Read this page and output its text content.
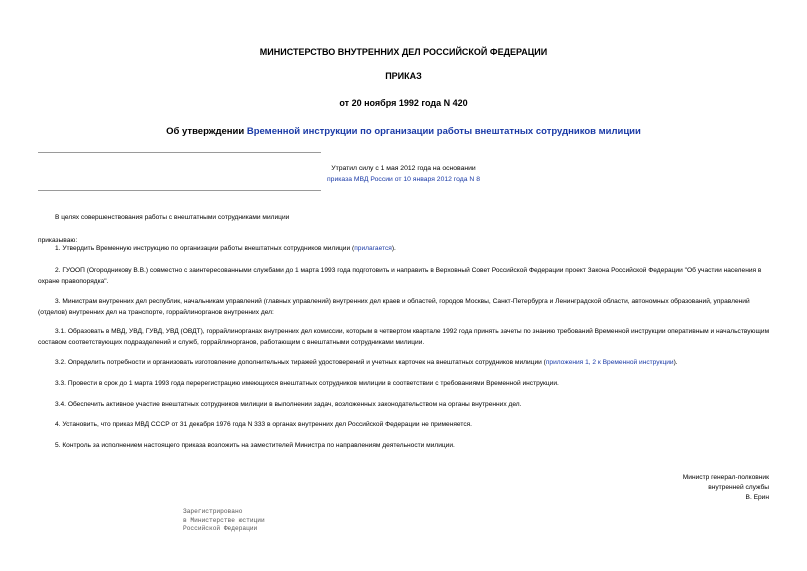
МИНИСТЕРСТВО ВНУТРЕННИХ ДЕЛ РОССИЙСКОЙ ФЕДЕРАЦИИ
ПРИКАЗ
от 20 ноября 1992 года N 420
Об утверждении Временной инструкции по организации работы внештатных сотрудников милиции
Утратил силу с 1 мая 2012 года на основании
приказа МВД России от 10 января 2012 года N 8
В целях совершенствования работы с внештатными сотрудниками милиции
приказываю:
1. Утвердить Временную инструкцию по организации работы внештатных сотрудников милиции (прилагается).
2. ГУООП (Огородникову В.В.) совместно с заинтересованными службами до 1 марта 1993 года подготовить и направить в Верховный Совет Российской Федерации проект Закона Российской Федерации "Об участии населения в охране правопорядка".
3. Министрам внутренних дел республик, начальникам управлений (главных управлений) внутренних дел краев и областей, городов Москвы, Санкт-Петербурга и Ленинградской области, автономных образований, управлений (отделов) внутренних дел на транспорте, горрайлинорганов внутренних дел:
3.1. Образовать в МВД, УВД, ГУВД, УВД (ОВДТ), горрайлинорганах внутренних дел комиссии, которым в четвертом квартале 1992 года принять зачеты по знанию требований Временной инструкции оперативным и начальствующим составом соответствующих подразделений и служб, горрайлинорганов, работающим с внештатными сотрудниками милиции.
3.2. Определить потребности и организовать изготовление дополнительных тиражей удостоверений и учетных карточек на внештатных сотрудников милиции (приложения 1, 2 к Временной инструкции).
3.3. Провести в срок до 1 марта 1993 года перерегистрацию имеющихся внештатных сотрудников милиции в соответствии с требованиями Временной инструкции.
3.4. Обеспечить активное участие внештатных сотрудников милиции в выполнении задач, возложенных законодательством на органы внутренних дел.
4. Установить, что приказ МВД СССР от 31 декабря 1976 года N 333 в органах внутренних дел Российской Федерации не применяется.
5. Контроль за исполнением настоящего приказа возложить на заместителей Министра по направлениям деятельности милиции.
Министр генерал-полковник
внутренней службы
В. Ерин
Зарегистрировано
в Министерстве юстиции
Российской Федерации
